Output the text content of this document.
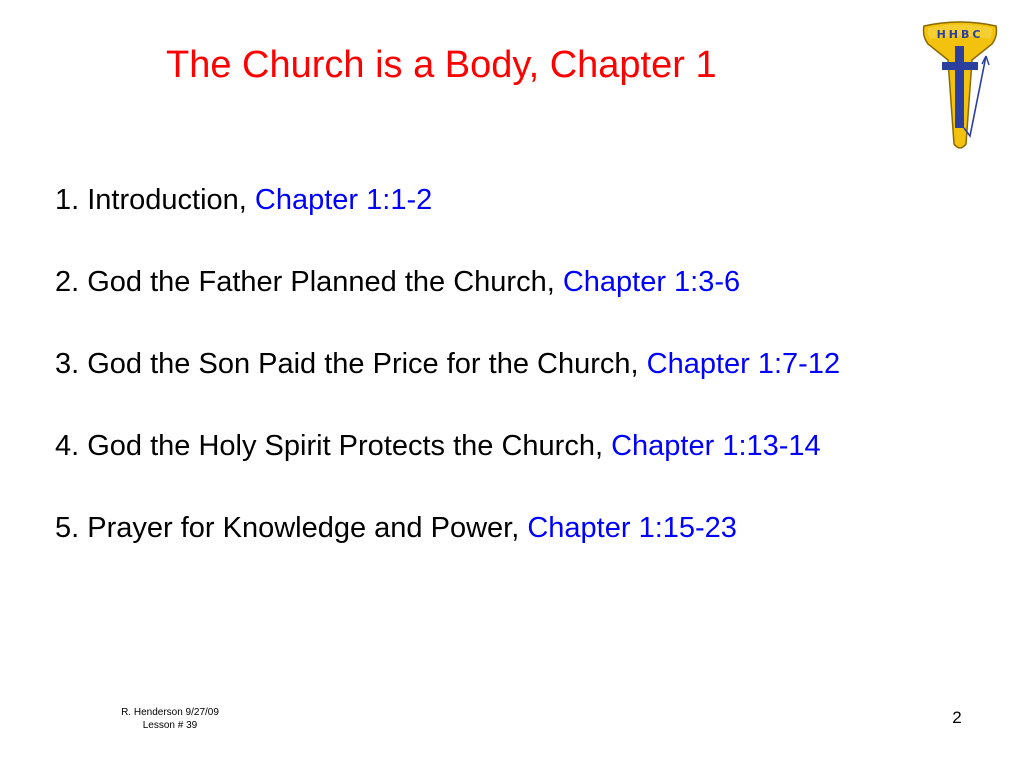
The Church is a Body, Chapter 1
HHBC
1. Introduction, Chapter 1:1-2
2. God the Father Planned the Church, Chapter 1:3-6
3. God the Son Paid the Price for the Church, Chapter 1:7-12
4. God the Holy Spirit Protects the Church, Chapter 1:13-14
5. Prayer for Knowledge and Power, Chapter 1:15-23
R. Henderson 9/27/09
Lesson # 39	2
